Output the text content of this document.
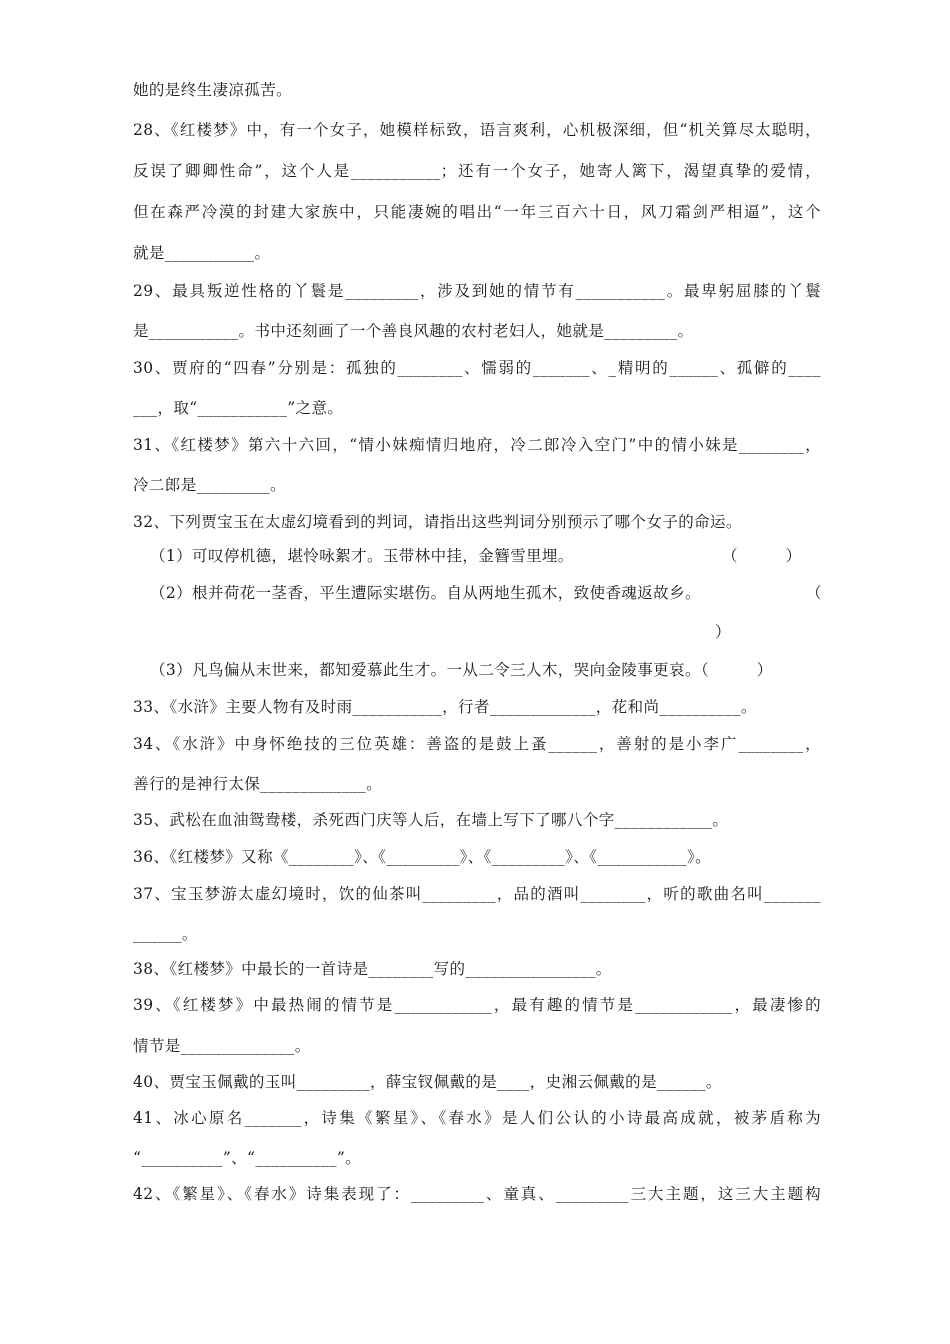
她的是终生凄凉孤苦。
28、《红楼梦》中，有一个女子，她模样标致，语言爽利，心机极深细，但“机关算尽太聪明，
反误了卿卿性命”，这个人是___________；还有一个女子，她寄人篱下，渴望真挚的爱情，
但在森严冷漠的封建大家族中，只能凄婉的唱出“一年三百六十日，风刀霜剑严相逼”，这个
就是___________。
29、最具叛逆性格的丫鬟是_________，涉及到她的情节有___________。最卑躬屈膝的丫鬟
是___________。书中还刻画了一个善良风趣的农村老妇人，她就是_________。
30、贾府的“四春”分别是：孤独的________、懦弱的_______、_精明的______、孤僻的____
___，取“___________”之意。
31、《红楼梦》第六十六回，“情小妹痴情归地府，冷二郎冷入空门”中的情小妹是________，
冷二郎是_________。
32、下列贾宝玉在太虚幻境看到的判词，请指出这些判词分别预示了哪个女子的命运。
（1）可叹停机德，堪怜咏絮才。玉带林中挂，金簪雪里埋。	（　　　）
（2）根并荷花一茎香，平生遭际实堪伤。自从两地生孤木，致使香魂返故乡。	（
）
（3）凡鸟偏从末世来，都知爱慕此生才。一从二令三人木，哭向金陵事更哀。（　　　）
33、《水浒》主要人物有及时雨___________，行者_____________，花和尚__________。
34、《水浒》中身怀绝技的三位英雄：善盗的是鼓上蚤______，善射的是小李广________，
善行的是神行太保_____________。
35、武松在血油鸳鸯楼，杀死西门庆等人后，在墙上写下了哪八个字____________。
36、《红楼梦》又称《________》、《_________》、《_________》、《___________》。
37、宝玉梦游太虚幻境时，饮的仙茶叫_________，品的酒叫________，听的歌曲名叫_______
______。
38、《红楼梦》中最长的一首诗是________写的________________。
39、《红楼梦》中最热闹的情节是____________，最有趣的情节是____________，最凄惨的
情节是______________。
40、贾宝玉佩戴的玉叫_________，薛宝钗佩戴的是____，史湘云佩戴的是______。
41、冰心原名_______，诗集《繁星》、《春水》是人们公认的小诗最高成就，被茅盾称为
“__________”、“__________”。
42、《繁星》、《春水》诗集表现了：_________、童真、_________三大主题，这三大主题构
